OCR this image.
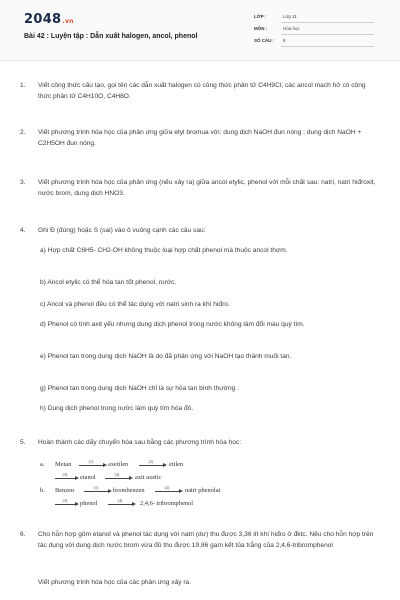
2048.vn
Bài 42 : Luyện tập : Dẫn xuất halogen, ancol, phenol
LỚP :	Lớp 11
MÔN :	Hóa học
SỐ CÂU : 8
1. Viết công thức cấu tạo, gọi tên các dẫn xuất halogen có công thức phân tử C4H9Cl; các ancol mạch hở có công thức phân tử C4H10O, C4H8O.
2. Viết phương trình hóa học của phản ứng giữa etyl bromua với: dung dịch NaOH đun nóng ; dung dịch NaOH + C2H5OH đun nóng.
3. Viết phương trình hóa học của phản ứng (nếu xảy ra) giữa ancol etylic, phenol với mỗi chất sau: natri, natri hiđroxit, nước brom, dung dịch HNO3.
4. Ghi Đ (đúng) hoặc S (sai) vào ô vuông cạnh các câu sau:
a) Hợp chất C6H5- CH2-OH không thuộc loại hợp chất phenol mà thuộc ancol thơm.
b) Ancol etylic có thể hòa tan tốt phenol, nước.
c) Ancol và phenol đều có thể tác dụng với natri sinh ra khí hiđro.
d) Phenol có tính axit yếu nhưng dung dịch phenol trong nước không làm đổi màu quỳ tím.
e) Phenol tan trong dung dịch NaOH là do đã phản ứng với NaOH tạo thành muối tan.
g) Phenol tan trong dung dịch NaOH chỉ là sự hòa tan bình thường .
h) Dung dịch phenol trong nước làm quỳ tím hóa đỏ.
5. Hoàn thành các dãy chuyển hóa sau bằng các phương trình hóa học:
a. Metan	(1)	axetilen	(2)	etilen
(3)	etanol	(4)	axit axetic
b. Benzen	(1)	brombenzen	(2)	natri phenolat
(3)	phenol	(4)	2,4,6- tribromphenol
6. Cho hỗn hợp gồm etanol và phenol tác dụng với natri (dư) thu được 3,36 lít khí hiđro ở đktc. Nếu cho hỗn hợp trên tác dụng với dung dịch nước brom vừa đủ thu được 19,86 gam kết tủa trắng của 2,4,6-tribromphenol
Viết phương trình hóa học của các phản ứng xảy ra.
